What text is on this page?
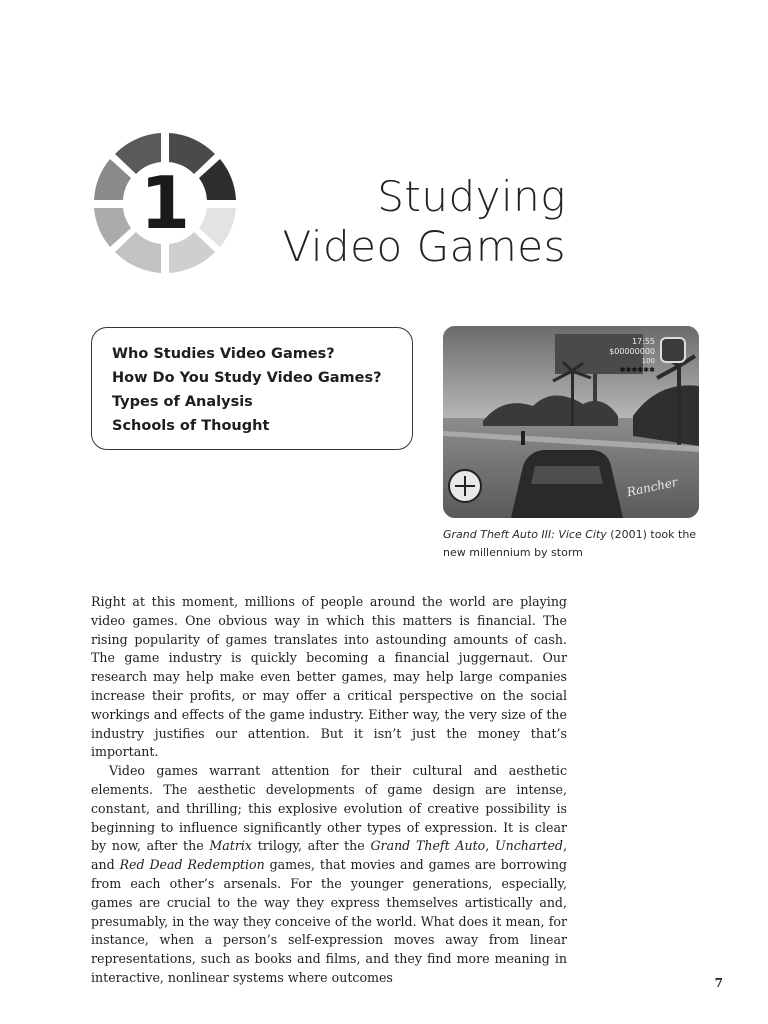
1	Studying
Video Games
Who Studies Video Games?
How Do You Study Video Games?
Types of Analysis
Schools of Thought
17:55
$00000000
100
✱✱✱✱✱✱
Rancher

Grand Theft Auto III: Vice City (2001) took the new millennium by storm

Right at this moment, millions of people around the world are playing video games. One obvious way in which this matters is financial. The rising popularity of games translates into astounding amounts of cash. The game industry is quickly becoming a financial juggernaut. Our research may help make even better games, may help large companies increase their profits, or may offer a critical perspective on the social workings and effects of the game industry. Either way, the very size of the industry justifies our attention. But it isn’t just the money that’s important.

Video games warrant attention for their cultural and aesthetic elements. The aesthetic developments of game design are intense, constant, and thrilling; this explosive evolution of creative possibility is beginning to influence significantly other types of expression. It is clear by now, after the Matrix trilogy, after the Grand Theft Auto, Uncharted, and Red Dead Redemption games, that movies and games are borrowing from each other’s arsenals. For the younger generations, especially, games are crucial to the way they express themselves artistically and, presumably, in the way they conceive of the world. What does it mean, for instance, when a person’s self-expression moves away from linear representations, such as books and films, and they find more meaning in interactive, nonlinear systems where outcomes	7
